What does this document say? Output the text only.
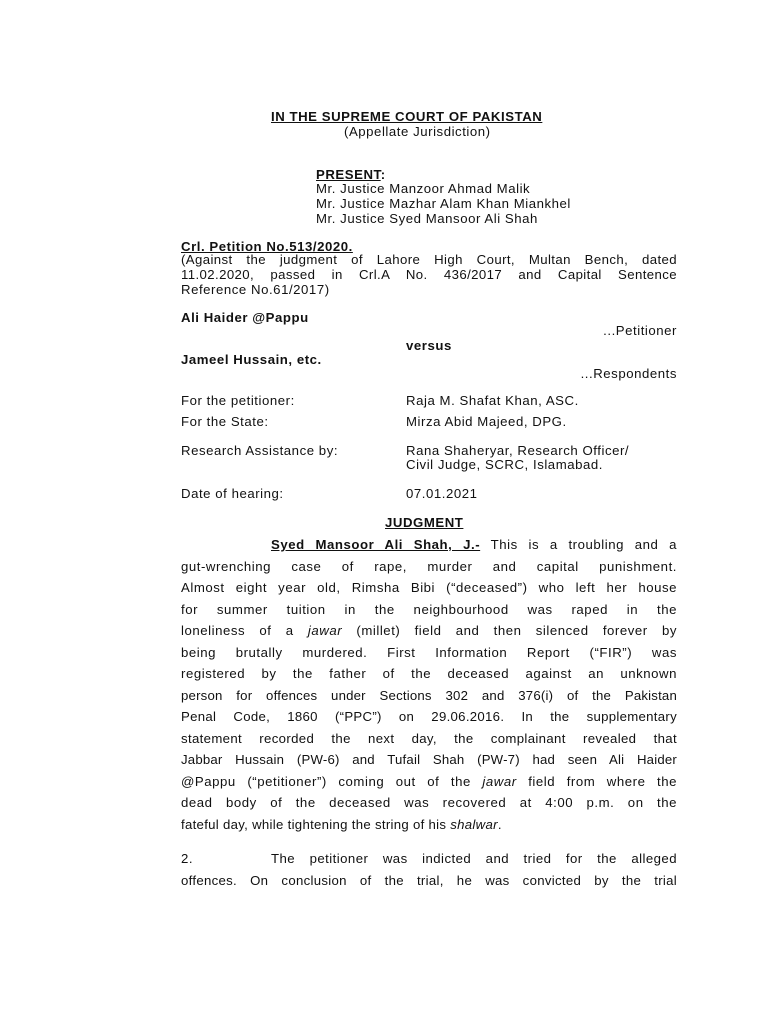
IN THE SUPREME COURT OF PAKISTAN
(Appellate Jurisdiction)
PRESENT:
Mr. Justice Manzoor Ahmad Malik
Mr. Justice Mazhar Alam Khan Miankhel
Mr. Justice Syed Mansoor Ali Shah
Crl. Petition No.513/2020.
(Against the judgment of Lahore High Court, Multan Bench, dated
11.02.2020, passed in Crl.A No. 436/2017 and Capital Sentence
Reference No.61/2017)
Ali Haider @Pappu
...Petitioner
versus
Jameel Hussain, etc.
...Respondents
For the petitioner:	Raja M. Shafat Khan, ASC.
For the State:	Mirza Abid Majeed, DPG.
Research Assistance by:	Rana Shaheryar, Research Officer/
Civil Judge, SCRC, Islamabad.
Date of hearing:	07.01.2021
JUDGMENT
Syed Mansoor Ali Shah, J.- This is a troubling and a
gut-wrenching case of rape, murder and capital punishment.
Almost eight year old, Rimsha Bibi (“deceased”) who left her house
for summer tuition in the neighbourhood was raped in the
loneliness of a jawar (millet) field and then silenced forever by
being brutally murdered. First Information Report (“FIR”) was
registered by the father of the deceased against an unknown
person for offences under Sections 302 and 376(i) of the Pakistan
Penal Code, 1860 (“PPC”) on 29.06.2016. In the supplementary
statement recorded the next day, the complainant revealed that
Jabbar Hussain (PW-6) and Tufail Shah (PW-7) had seen Ali Haider
@Pappu (“petitioner”) coming out of the jawar field from where the
dead body of the deceased was recovered at 4:00 p.m. on the
fateful day, while tightening the string of his shalwar.
2.	The petitioner was indicted and tried for the alleged
offences. On conclusion of the trial, he was convicted by the trial
